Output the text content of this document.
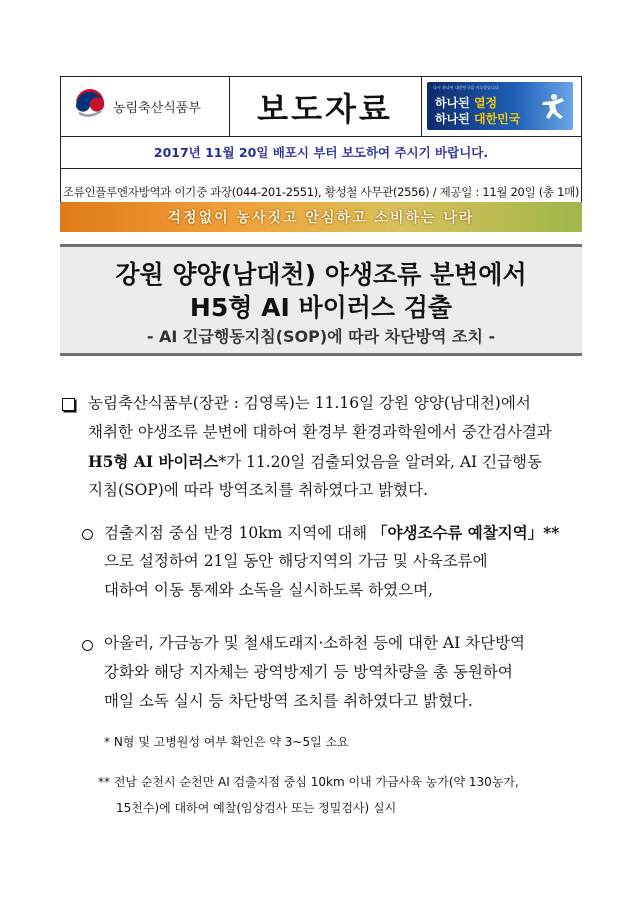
농림축산식품부 보도자료
다시 하나된 대한민국을 이루겠습니다
하나된 열정
하나된 대한민국
2017년 11월 20일 배포시 부터 보도하여 주시기 바랍니다.
조류인플루엔자방역과 이기중 과장(044-201-2551), 황성철 사무관(2556) / 제공일 : 11월 20일 (총 1매)
걱정없이 농사짓고 안심하고 소비하는 나라
강원 양양(남대천) 야생조류 분변에서
H5형 AI 바이러스 검출
- AI 긴급행동지침(SOP)에 따라 차단방역 조치 -
농림축산식품부(장관 : 김영록)는 11.16일 강원 양양(남대천)에서
채취한 야생조류 분변에 대하여 환경부 환경과학원에서 중간검사결과
H5형 AI 바이러스*가 11.20일 검출되었음을 알려와, AI 긴급행동
지침(SOP)에 따라 방역조치를 취하였다고 밝혔다.
검출지점 중심 반경 10km 지역에 대해 「야생조수류 예찰지역」**
으로 설정하여 21일 동안 해당지역의 가금 및 사육조류에
대하여 이동 통제와 소독을 실시하도록 하였으며,
아울러, 가금농가 및 철새도래지·소하천 등에 대한 AI 차단방역
강화와 해당 지자체는 광역방제기 등 방역차량을 총 동원하여
매일 소독 실시 등 차단방역 조치를 취하였다고 밝혔다.
* N형 및 고병원성 여부 확인은 약 3~5일 소요
** 전남 순천시 순천만 AI 검출지점 중심 10km 이내 가금사육 농가(약 130농가,
15천수)에 대하여 예찰(임상검사 또는 정밀검사) 실시
